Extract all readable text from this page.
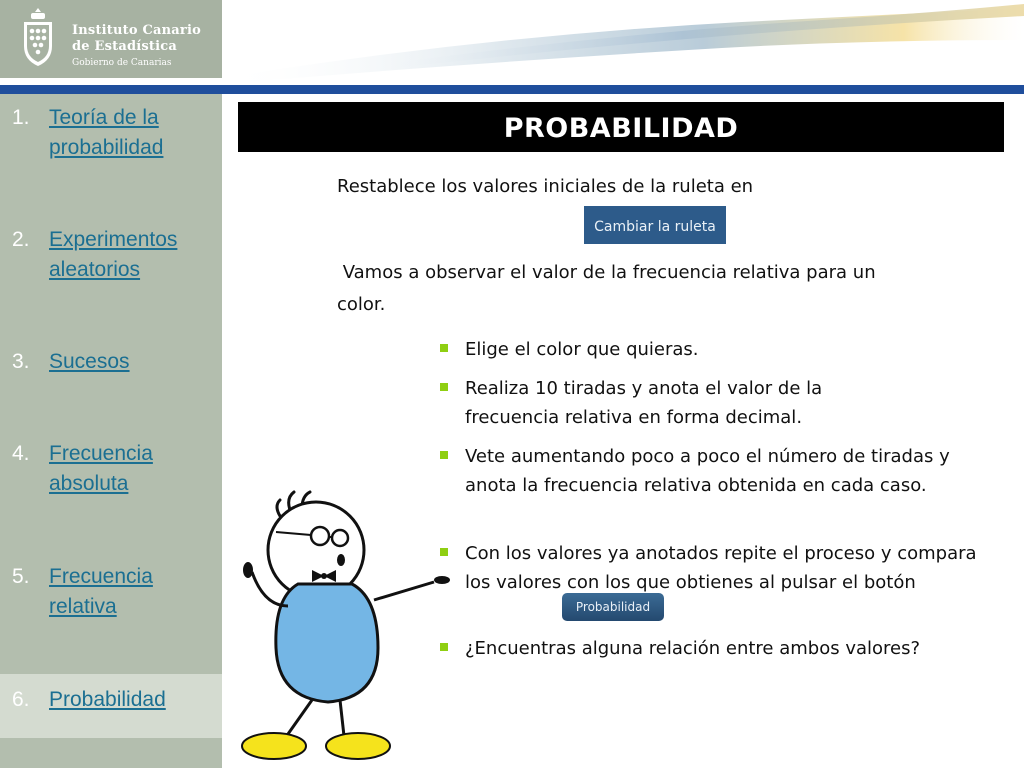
Instituto Canario
de Estadística
Gobierno de Canarias
1. Teoría de la probabilidad
2. Experimentos aleatorios
3. Sucesos
4. Frecuencia absoluta
5. Frecuencia relativa
6. Probabilidad
PROBABILIDAD
Restablece los valores iniciales de la ruleta en
Cambiar la ruleta
Vamos a observar el valor de la frecuencia relativa para un
color.
Elige el color que quieras.
Realiza 10 tiradas y anota el valor de la frecuencia relativa en forma decimal.
Vete aumentando poco a poco el número de tiradas y anota la frecuencia relativa obtenida en cada caso.
Con los valores ya anotados repite el proceso y compara los valores con los que obtienes al pulsar el botón
Probabilidad
¿Encuentras alguna relación entre ambos valores?
